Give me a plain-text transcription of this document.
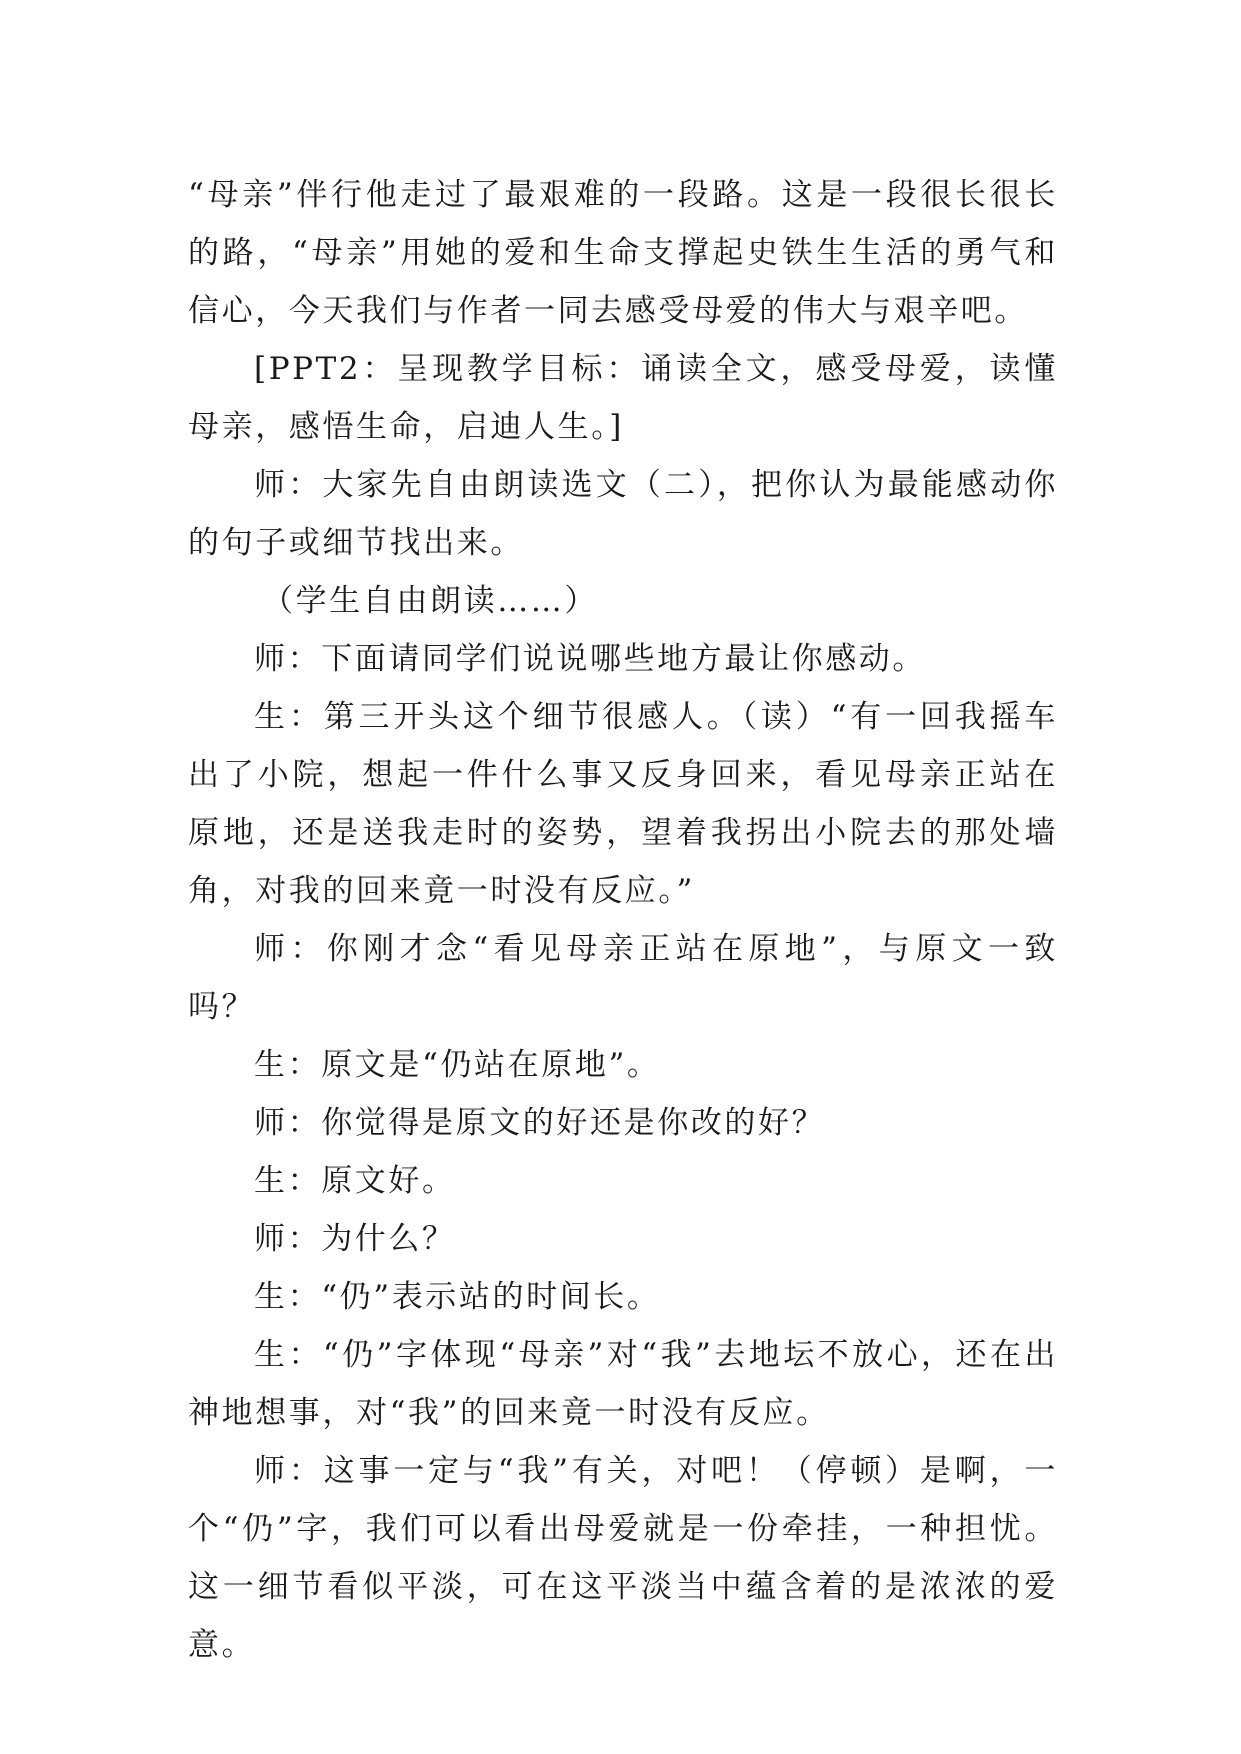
“母亲”伴行他走过了最艰难的一段路。这是一段很长很长的路，“母亲”用她的爱和生命支撑起史铁生生活的勇气和信心，今天我们与作者一同去感受母爱的伟大与艰辛吧。

[PPT2：呈现教学目标：诵读全文，感受母爱，读懂母亲，感悟生命，启迪人生。]

师：大家先自由朗读选文（二），把你认为最能感动你的句子或细节找出来。

（学生自由朗读……）

师：下面请同学们说说哪些地方最让你感动。

生：第三开头这个细节很感人。（读）“有一回我摇车出了小院，想起一件什么事又反身回来，看见母亲正站在原地，还是送我走时的姿势，望着我拐出小院去的那处墙角，对我的回来竟一时没有反应。”

师：你刚才念“看见母亲正站在原地”，与原文一致吗？

生：原文是“仍站在原地”。

师：你觉得是原文的好还是你改的好？

生：原文好。

师：为什么？

生：“仍”表示站的时间长。

生：“仍”字体现“母亲”对“我”去地坛不放心，还在出神地想事，对“我”的回来竟一时没有反应。

师：这事一定与“我”有关，对吧！（停顿）是啊，一个“仍”字，我们可以看出母爱就是一份牵挂，一种担忧。这一细节看似平淡，可在这平淡当中蕴含着的是浓浓的爱意。
